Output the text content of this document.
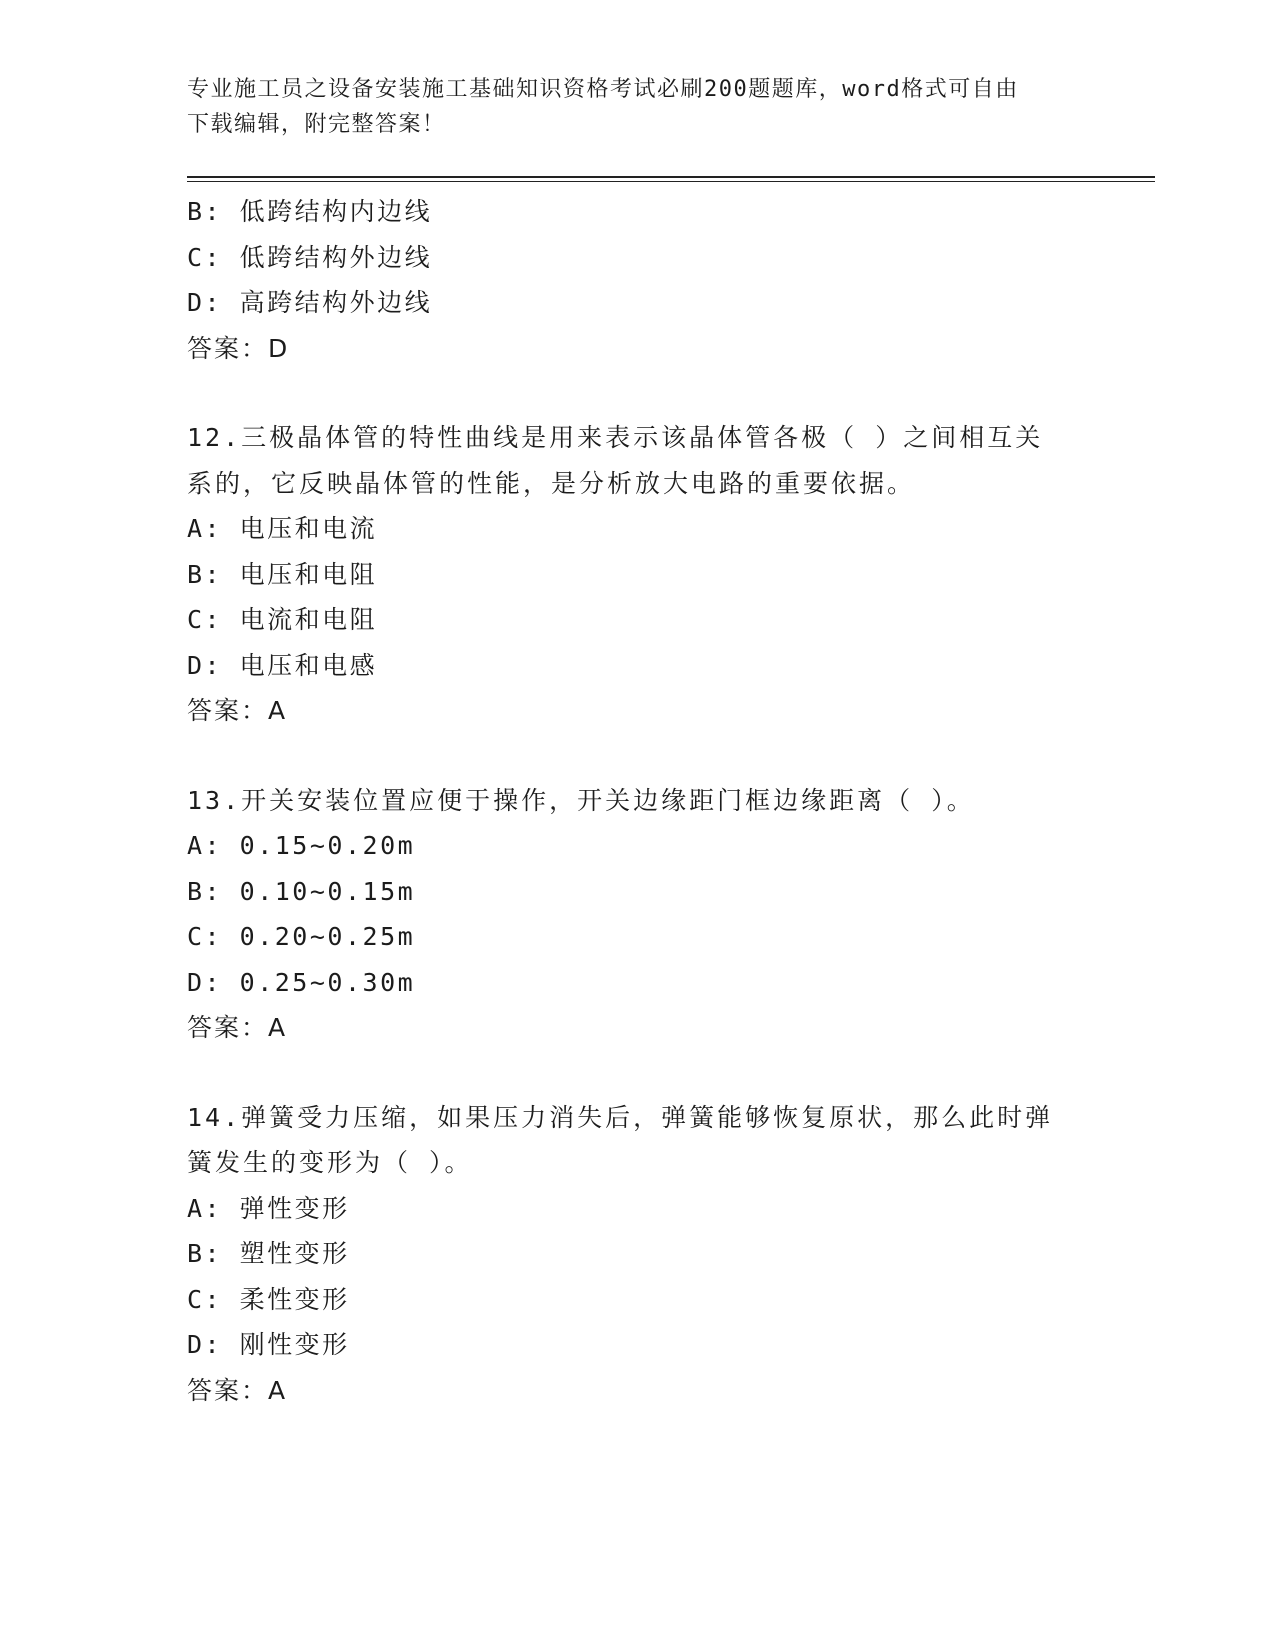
专业施工员之设备安装施工基础知识资格考试必刷200题题库，word格式可自由
下载编辑，附完整答案！
B: 低跨结构内边线
C: 低跨结构外边线
D: 高跨结构外边线
答案：D
12.三极晶体管的特性曲线是用来表示该晶体管各极（ ）之间相互关
系的，它反映晶体管的性能，是分析放大电路的重要依据。
A: 电压和电流
B: 电压和电阻
C: 电流和电阻
D: 电压和电感
答案：A
13.开关安装位置应便于操作，开关边缘距门框边缘距离（ ）。
A: 0.15~0.20m
B: 0.10~0.15m
C: 0.20~0.25m
D: 0.25~0.30m
答案：A
14.弹簧受力压缩，如果压力消失后，弹簧能够恢复原状，那么此时弹
簧发生的变形为（ ）。
A: 弹性变形
B: 塑性变形
C: 柔性变形
D: 刚性变形
答案：A
